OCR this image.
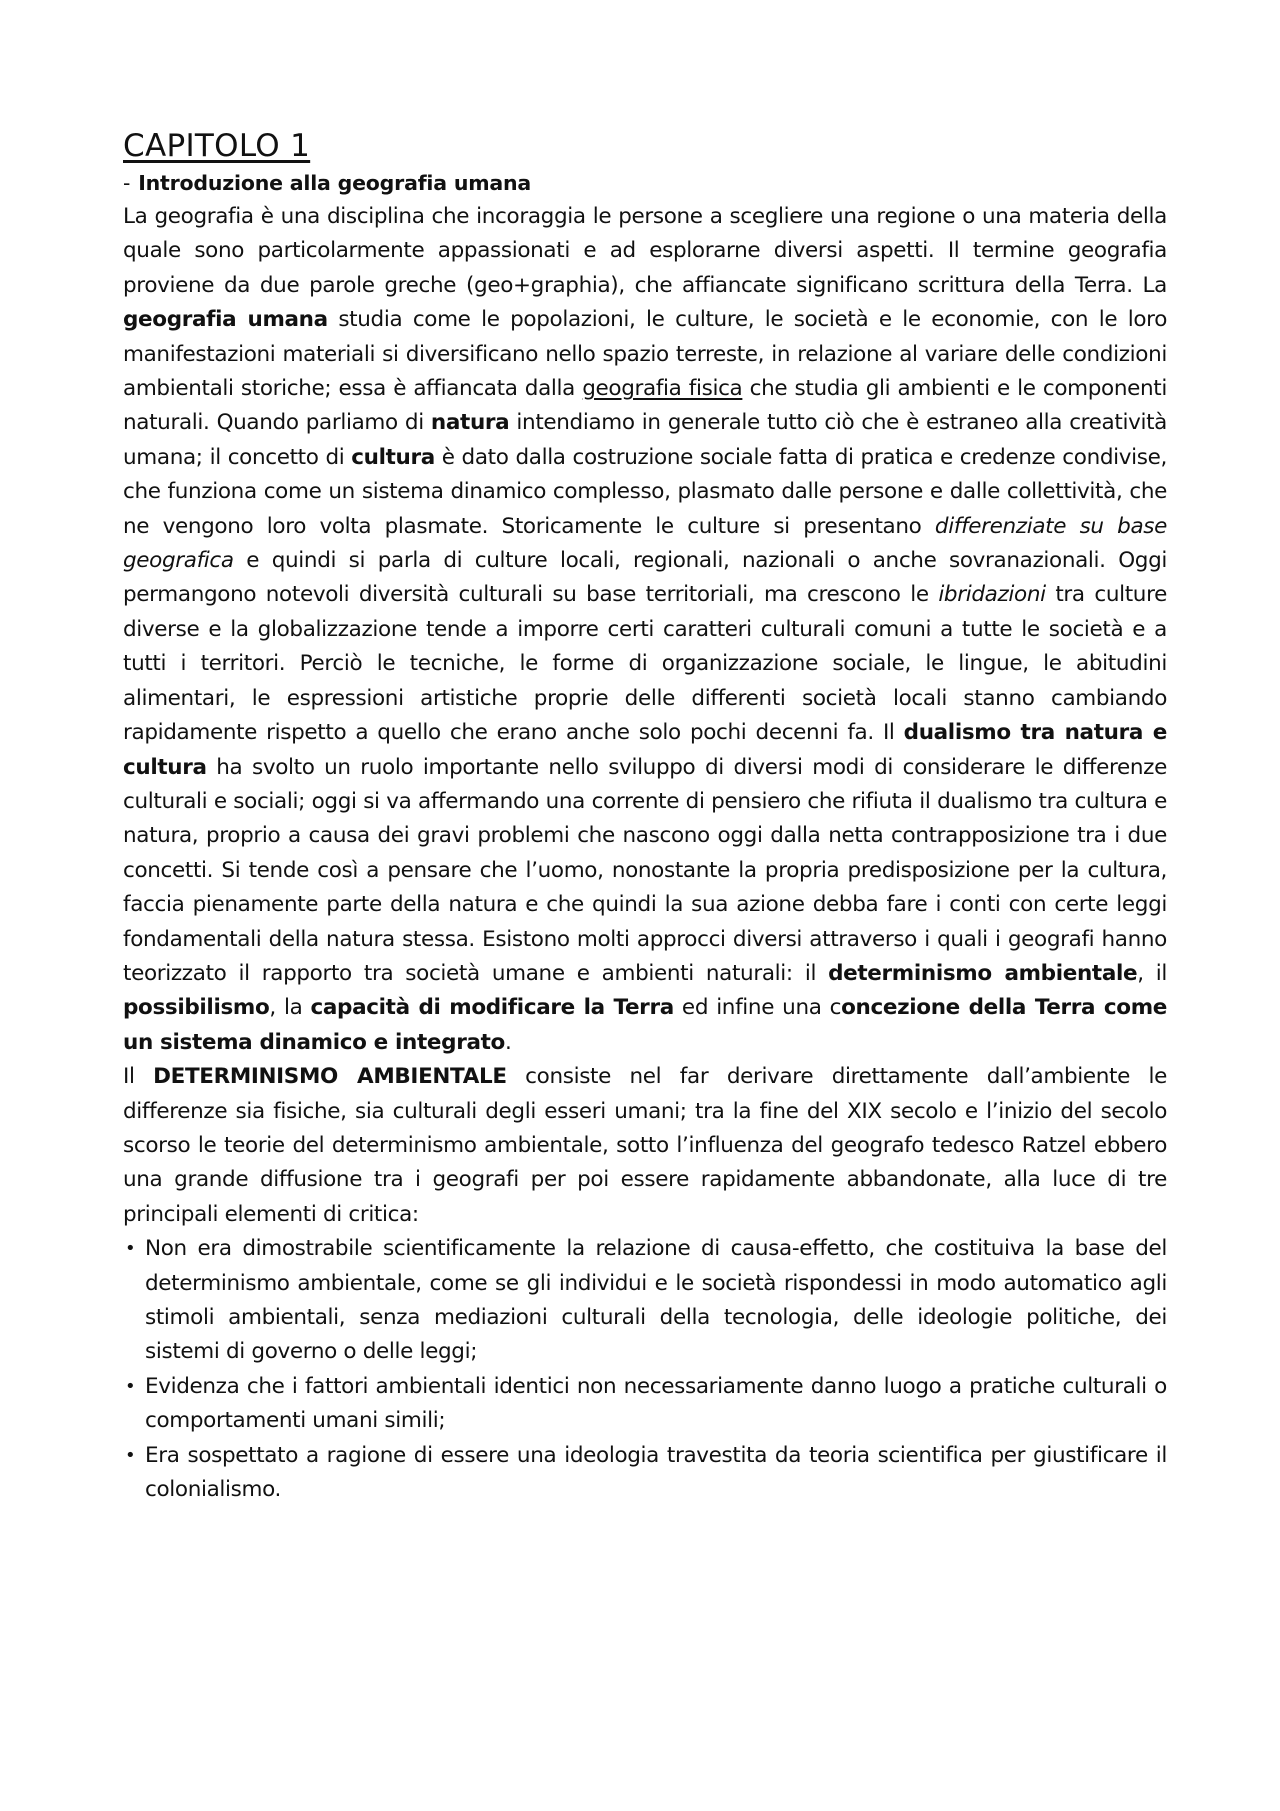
CAPITOLO 1
- Introduzione alla geografia umana

La geografia è una disciplina che incoraggia le persone a scegliere una regione o una materia della quale sono particolarmente appassionati e ad esplorarne diversi aspetti. Il termine geografia proviene da due parole greche (geo+graphia), che affiancate significano scrittura della Terra. La geografia umana studia come le popolazioni, le culture, le società e le economie, con le loro manifestazioni materiali si diversificano nello spazio terreste, in relazione al variare delle condizioni ambientali storiche; essa è affiancata dalla geografia fisica che studia gli ambienti e le componenti naturali. Quando parliamo di natura intendiamo in generale tutto ciò che è estraneo alla creatività umana; il concetto di cultura è dato dalla costruzione sociale fatta di pratica e credenze condivise, che funziona come un sistema dinamico complesso, plasmato dalle persone e dalle collettività, che ne vengono loro volta plasmate. Storicamente le culture si presentano differenziate su base geografica e quindi si parla di culture locali, regionali, nazionali o anche sovranazionali. Oggi permangono notevoli diversità culturali su base territoriali, ma crescono le ibridazioni tra culture diverse e la globalizzazione tende a imporre certi caratteri culturali comuni a tutte le società e a tutti i territori. Perciò le tecniche, le forme di organizzazione sociale, le lingue, le abitudini alimentari, le espressioni artistiche proprie delle differenti società locali stanno cambiando rapidamente rispetto a quello che erano anche solo pochi decenni fa. Il dualismo tra natura e cultura ha svolto un ruolo importante nello sviluppo di diversi modi di considerare le differenze culturali e sociali; oggi si va affermando una corrente di pensiero che rifiuta il dualismo tra cultura e natura, proprio a causa dei gravi problemi che nascono oggi dalla netta contrapposizione tra i due concetti. Si tende così a pensare che l’uomo, nonostante la propria predisposizione per la cultura, faccia pienamente parte della natura e che quindi la sua azione debba fare i conti con certe leggi fondamentali della natura stessa. Esistono molti approcci diversi attraverso i quali i geografi hanno teorizzato il rapporto tra società umane e ambienti naturali: il determinismo ambientale, il possibilismo, la capacità di modificare la Terra ed infine una concezione della Terra come un sistema dinamico e integrato.

Il DETERMINISMO AMBIENTALE consiste nel far derivare direttamente dall’ambiente le differenze sia fisiche, sia culturali degli esseri umani; tra la fine del XIX secolo e l’inizio del secolo scorso le teorie del determinismo ambientale, sotto l’influenza del geografo tedesco Ratzel ebbero una grande diffusione tra i geografi per poi essere rapidamente abbandonate, alla luce di tre principali elementi di critica:

• Non era dimostrabile scientificamente la relazione di causa-effetto, che costituiva la base del determinismo ambientale, come se gli individui e le società rispondessi in modo automatico agli stimoli ambientali, senza mediazioni culturali della tecnologia, delle ideologie politiche, dei sistemi di governo o delle leggi;
• Evidenza che i fattori ambientali identici non necessariamente danno luogo a pratiche culturali o comportamenti umani simili;
• Era sospettato a ragione di essere una ideologia travestita da teoria scientifica per giustificare il colonialismo.
